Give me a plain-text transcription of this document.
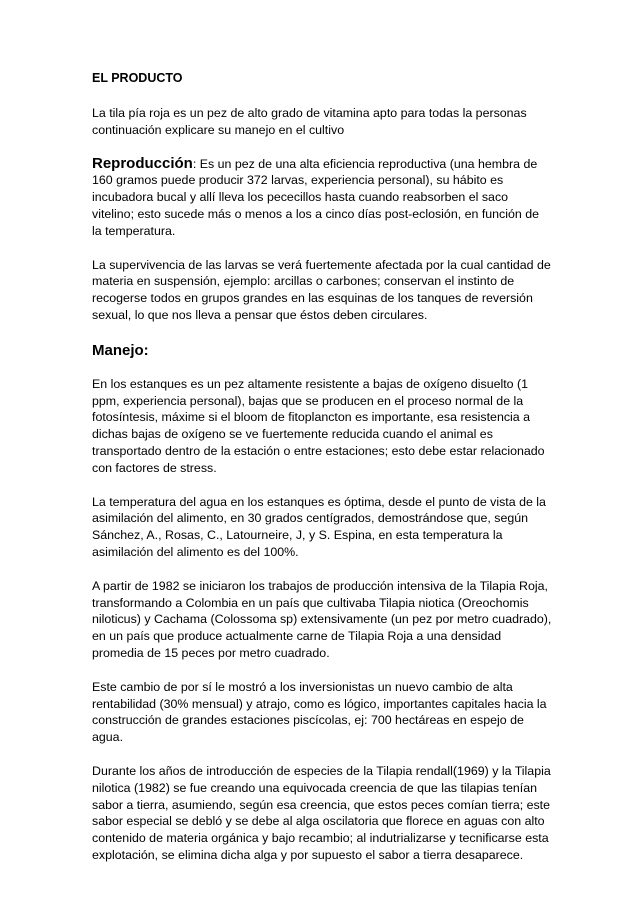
EL PRODUCTO

La tila pía roja es un pez de alto grado de vitamina apto para todas la personas continuación explicare su manejo en el cultivo

Reproducción: Es un pez de una alta eficiencia reproductiva (una hembra de 160 gramos puede producir 372 larvas, experiencia personal), su hábito es incubadora bucal y allí lleva los pececillos hasta cuando reabsorben el saco vitelino; esto sucede más o menos a los a cinco días post-eclosión, en función de la temperatura.

La supervivencia de las larvas se verá fuertemente afectada por la cual cantidad de materia en suspensión, ejemplo: arcillas o carbones; conservan el instinto de recogerse todos en grupos grandes en las esquinas de los tanques de reversión sexual, lo que nos lleva a pensar que éstos deben circulares.

Manejo:

En los estanques es un pez altamente resistente a bajas de oxígeno disuelto (1 ppm, experiencia personal), bajas que se producen en el proceso normal de la fotosíntesis, máxime si el bloom de fitoplancton es importante, esa resistencia a dichas bajas de oxígeno se ve fuertemente reducida cuando el animal es transportado dentro de la estación o entre estaciones; esto debe estar relacionado con factores de stress.

La temperatura del agua en los estanques es óptima, desde el punto de vista de la asimilación del alimento, en 30 grados centígrados, demostrándose que, según Sánchez, A., Rosas, C., Latourneire, J, y S. Espina, en esta temperatura la asimilación del alimento es del 100%.

A partir de 1982 se iniciaron los trabajos de producción intensiva de la Tilapia Roja, transformando a Colombia en un país que cultivaba Tilapia niotica (Oreochomis niloticus) y Cachama (Colossoma sp) extensivamente (un pez por metro cuadrado), en un país que produce actualmente carne de Tilapia Roja a una densidad promedia de 15 peces por metro cuadrado.

Este cambio de por sí le mostró a los inversionistas un nuevo cambio de alta rentabilidad (30% mensual) y atrajo, como es lógico, importantes capitales hacia la construcción de grandes estaciones piscícolas, ej: 700 hectáreas en espejo de agua.

Durante los años de introducción de especies de la Tilapia rendall(1969) y la Tilapia nilotica (1982) se fue creando una equivocada creencia de que las tilapias tenían sabor a tierra, asumiendo, según esa creencia, que estos peces comían tierra; este sabor especial se debló y se debe al alga oscilatoria que florece en aguas con alto contenido de materia orgánica y bajo recambio; al indutrializarse y tecnificarse esta explotación, se elimina dicha alga y por supuesto el sabor a tierra desaparece.
